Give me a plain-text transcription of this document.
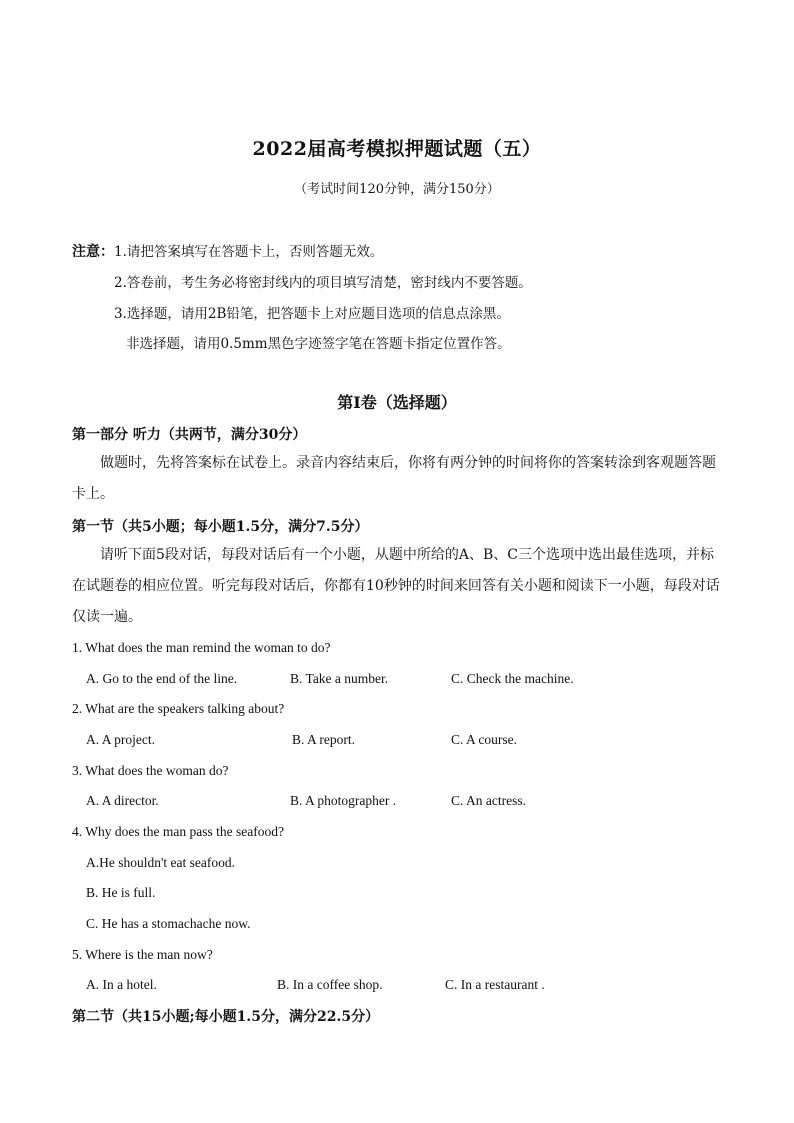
2022届高考模拟押题试题（五）
（考试时间120分钟，满分150分）
注意：1.请把答案填写在答题卡上，否则答题无效。
2.答卷前，考生务必将密封线内的项目填写清楚，密封线内不要答题。
3.选择题，请用2B铅笔，把答题卡上对应题目选项的信息点涂黑。
非选择题，请用0.5mm黑色字迹签字笔在答题卡指定位置作答。
第Ⅰ卷（选择题）
第一部分 听力（共两节，满分30分）
做题时，先将答案标在试卷上。录音内容结束后，你将有两分钟的时间将你的答案转涂到客观题答题卡上。
第一节（共5小题；每小题1.5分，满分7.5分）
请听下面5段对话，每段对话后有一个小题，从题中所给的A、B、C三个选项中选出最佳选项，并标在试题卷的相应位置。听完每段对话后，你都有10秒钟的时间来回答有关小题和阅读下一小题，每段对话仅读一遍。
1. What does the man remind the woman to do?
A. Go to the end of the line.	B. Take a number.	C. Check the machine.
2. What are the speakers talking about?
A. A project.	B. A report.	C. A course.
3. What does the woman do?
A. A director.	B. A photographer .	C. An actress.
4. Why does the man pass the seafood?
A.He shouldn't eat seafood.
B. He is full.
C. He has a stomachache now.
5. Where is the man now?
A. In a hotel.	B. In a coffee shop.	C. In a restaurant .
第二节（共15小题;每小题1.5分，满分22.5分）
